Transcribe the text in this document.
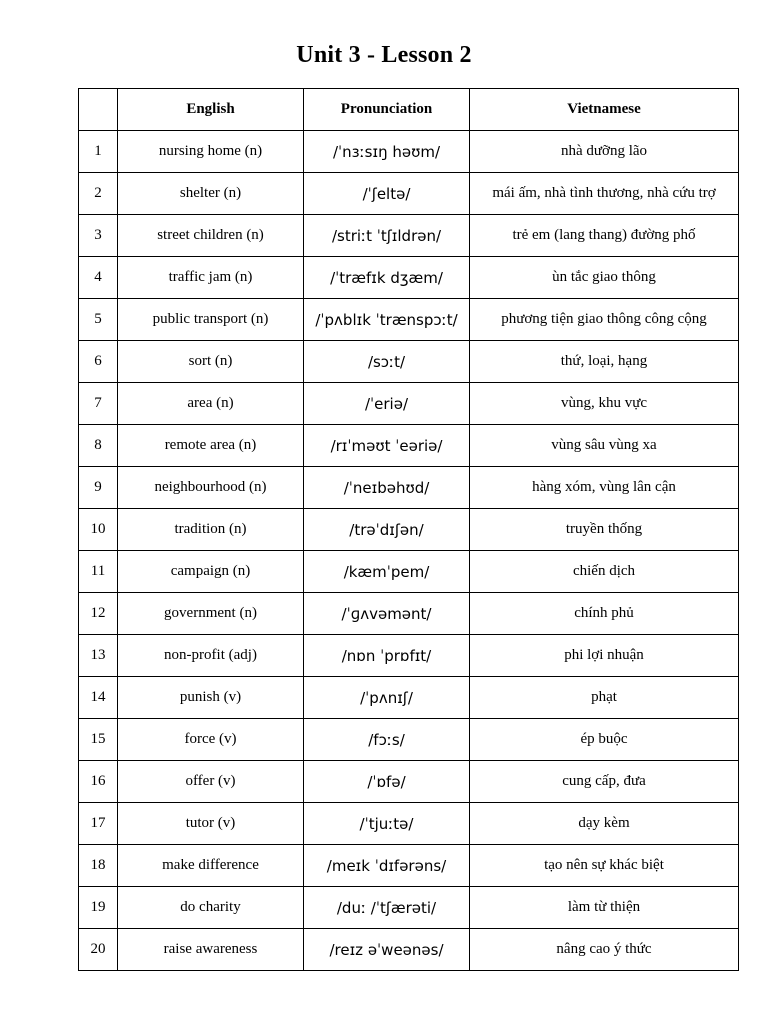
Unit 3 - Lesson 2
	English	Pronunciation	Vietnamese
1	nursing home (n)	/ˈnɜːsɪŋ həʊm/	nhà dưỡng lão
2	shelter (n)	/ˈʃeltə/	mái ấm, nhà tình thương, nhà cứu trợ
3	street children (n)	/striːt ˈtʃɪldrən/	trẻ em (lang thang) đường phố
4	traffic jam (n)	/ˈtræfɪk dʒæm/	ùn tắc giao thông
5	public transport (n)	/ˈpʌblɪk ˈtrænspɔːt/	phương tiện giao thông công cộng
6	sort (n)	/sɔːt/	thứ, loại, hạng
7	area (n)	/ˈeriə/	vùng, khu vực
8	remote area (n)	/rɪˈməʊt ˈeəriə/	vùng sâu vùng xa
9	neighbourhood (n)	/ˈneɪbəhʊd/	hàng xóm, vùng lân cận
10	tradition (n)	/trəˈdɪʃən/	truyền thống
11	campaign (n)	/kæmˈpem/	chiến dịch
12	government (n)	/ˈɡʌvəmənt/	chính phủ
13	non-profit (adj)	/nɒn ˈprɒfɪt/	phi lợi nhuận
14	punish (v)	/ˈpʌnɪʃ/	phạt
15	force (v)	/fɔːs/	ép buộc
16	offer (v)	/ˈɒfə/	cung cấp, đưa
17	tutor (v)	/ˈtjuːtə/	dạy kèm
18	make difference	/meɪk ˈdɪfərəns/	tạo nên sự khác biệt
19	do charity	/duː /ˈtʃærəti/	làm từ thiện
20	raise awareness	/reɪz əˈweənəs/	nâng cao ý thức
